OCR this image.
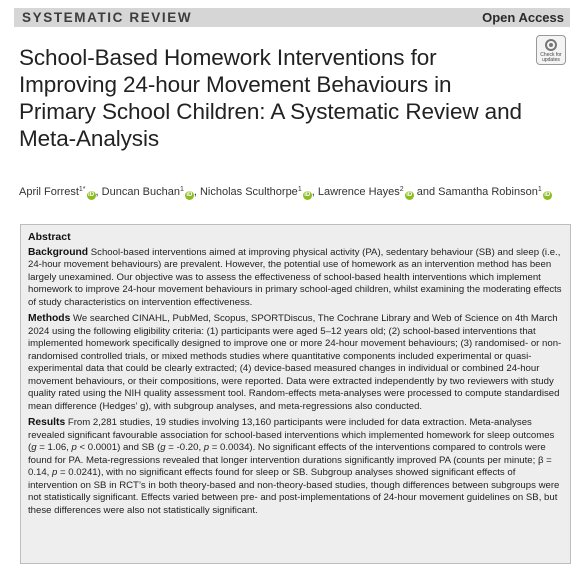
SYSTEMATIC REVIEW	Open Access
School-Based Homework Interventions for Improving 24-hour Movement Behaviours in Primary School Children: A Systematic Review and Meta-Analysis
Check for updates
April Forrest$^{1*}$iD , Duncan Buchan$^1$iD , Nicholas Sculthorpe$^1$iD , Lawrence Hayes$^2$iD and Samantha Robinson$^1$iD
Abstract

Background School-based interventions aimed at improving physical activity (PA), sedentary behaviour (SB) and sleep (i.e., 24-hour movement behaviours) are prevalent. However, the potential use of homework as an intervention method has been largely unexamined. Our objective was to assess the effectiveness of school-based health interventions which implement homework to improve 24-hour movement behaviours in primary school-aged children, whilst examining the moderating effects of study characteristics on intervention effectiveness.

Methods We searched CINAHL, PubMed, Scopus, SPORTDiscus, The Cochrane Library and Web of Science on 4th March 2024 using the following eligibility criteria: (1) participants were aged 5–12 years old; (2) school-based interventions that implemented homework specifically designed to improve one or more 24-hour movement behaviours; (3) randomised- or non-randomised controlled trials, or mixed methods studies where quantitative components included experimental or quasi-experimental data that could be clearly extracted; (4) device-based measured changes in individual or combined 24-hour movement behaviours, or their compositions, were reported. Data were extracted independently by two reviewers with study quality rated using the NIH quality assessment tool. Random-effects meta-analyses were processed to compute standardised mean difference (Hedges’ g), with subgroup analyses, and meta-regressions also conducted.

Results From 2,281 studies, 19 studies involving 13,160 participants were included for data extraction. Meta-analyses revealed significant favourable association for school-based interventions which implemented homework for sleep outcomes (g = 1.06, p < 0.0001) and SB (g = -0.20, p = 0.0034). No significant effects of the interventions compared to controls were found for PA. Meta-regressions revealed that longer intervention durations significantly improved PA (counts per minute; β = 0.14, p = 0.0241), with no significant effects found for sleep or SB. Subgroup analyses showed significant effects of intervention on SB in RCT’s in both theory-based and non-theory-based studies, though differences between subgroups were not statistically significant. Effects varied between pre- and post-implementations of 24-hour movement guidelines on SB, but these differences were also not statistically significant.
